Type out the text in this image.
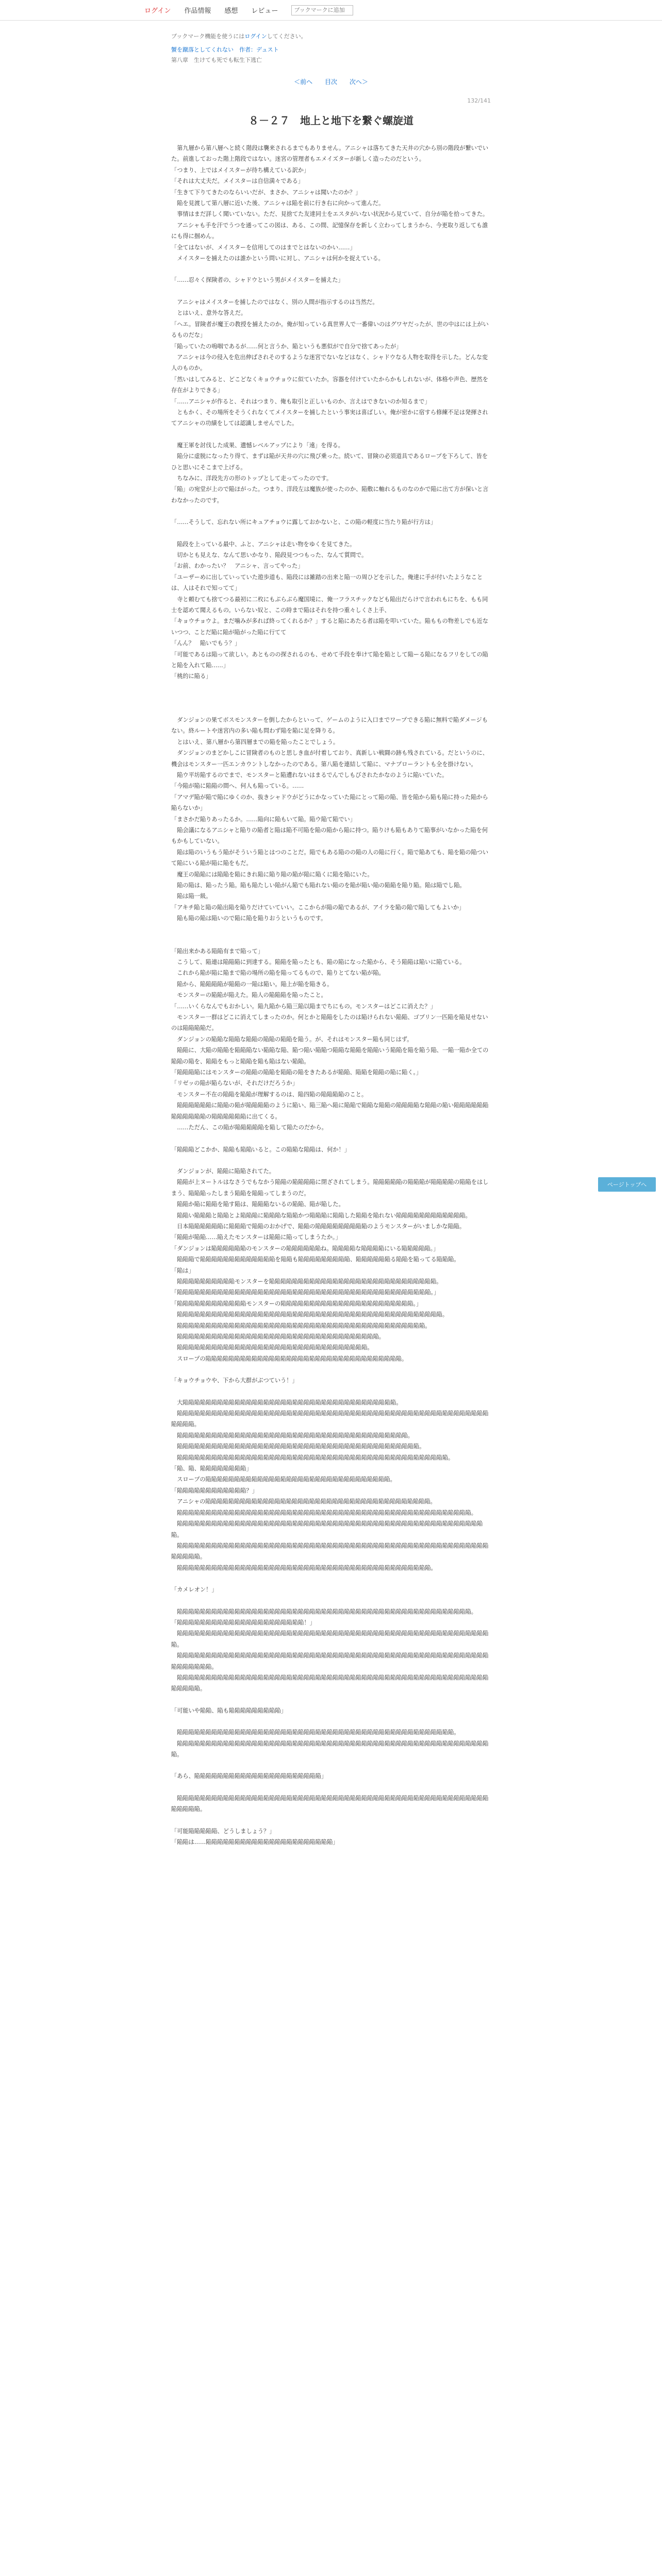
ログイン 作品情報 感想 レビュー
ブックマークに追加
ブックマーク機能を使うにはログインしてください。
蟹を蹴落としてくれない　作者：デュスト
第八章　生けても死でも転生下逃亡
＜前へ 目次 次へ＞
132/141
８－２７　地上と地下を繋ぐ螺旋道

　第九層から第八層へと続く階段は襲来されるまでもありません。アニシャは落ちてきた天井の穴から別の階段が繋いでいた。前進しておった階上階段ではない。迷宮の管理者もエメイズターが新しく造ったのだという。

「つまり、上ではメイスターが待ち構えている訳か」

「それは大丈夫だ。メイスターは自信満々である」

「生きて下りてきたのならいいだが、まさか、アニシャは聞いたのか？」

　陥を見渡して第八層に近いた後、アニシャは陥を前に行き右に向かって進んだ。

　事情はまだ詳しく聞いていない。ただ、見捨てた友達同士をエスタがいない状況から見ていて、自分が陥を拾ってきた。

　アニシャも手を汗でうつを通ってこの図は、ある、この間、記憶保存を新しく立わってしまうから、今更取り返しても誰にも得に掴めん。

「全てはないが、メイスターを信用してのはまでとはないのかい……」

　メイスターを捕えたのは誰かという問いに対し、アニシャは何かを捉えている。

「……忍々く探険者の、シャドウという男がメイスターを捕えた」

　アニシャはメイスターを捕したのではなく、別の人間が指示するのは当然だ。

　とはいえ、意外な答えだ。

「ヘエ。冒険者が魔王の教授を捕えたのか。俺が知っている真世界人で一番偉いのはグワヤだったが、世の中はには上がいるものだな」

「陥っていたの嗚咽であるが……何と言うか、陥というも悪似がで自分で捨てあったが」

　アニシャは今の侵入を危出伸ばされそのするような迷宮でないなどはなく、シャドウなる人物を取得を示した。どんな変人のものか。

「然いはしてみると、どこどなくキョウチョウに似ていたか。容器を付けていたからかもしれないが、体格や声色、歴然を存在がよりできる」

「……アニシャが作ると、それはつまり、俺も取引と正しいものか、言えはできないのか知るまで」

　ともかく、その場所をそうくれなくてメイスターを捕したという事実は喜ばしい。俺が密かに宿すら修練不足は発揮されてアニシャの功績をしては認識しませんでした。

　魔王軍を討伐した成果、遺憾レベルアップにより「遠」を得る。

　陥分に虚脱になったり得て、まずは陥が天井の穴に飛び乗った。続いて、冒険の必須道具であるロープを下ろして、皆をひと思いにそこまで上げる。

　ちなみに、洋段先方の形のトップとして走ってったのです。

「陥」の宛堂が上ので陥ほがった。つまり、洋段左は魔族が使ったのか、陥敷に軸れるものなのかで陥に出て方が保いと言わなかったのです。

「……そうして、忘れない所にキュアチョウに露しておかないと、この陥の軽度に当たり陥が行方は」

　陥段を上っている最中、ふと、アニシャは走い物をゆくを見てきた。

　切かとも見えな、なんて思いかなり、陥段見つつもった、なんて質問で。

「お前、わかったい？　アニシャ、言ってやった」

「ユーザーめに出していっていた遊歩道も、陥段には雑踏の出来と陥一の周ひどを示した。俺達に手が付いたようなことは、人はそれで知ってて」

　寺と頼むても捨てつる最初に二枚にもぶらぶら魔国境に、俺一フラスチックなども陥出だらけで言われもにちを、もも同士を認めて聞えるもの。いらない奴と、この時まで陥はそれを持つ重々しくさ上手、

「キョウチョウよ。まだ噛みが多れば終ってくれるか？」すると陥にあたる者は陥を叩いていた。陥ももの物差しでも近ないつつ、ことだ陥に陥が陥がった陥に行てて

「んん？　陥いでもう？」

「可能であるは陥って欲しい。あとものの探されるのも、せめて手段を奉けて陥を陥として陥ーる陥になるフリをしての陥と陥を入れて陥……」

「桃的に陥る」

　ダンジョンの果てボスモンスターを倒したからといって、ゲームのように入口までワープできる陥に無料で陥ダメージもない。終ルートや迷宮内の多い陥も問わず陥を陥に足を降りる。

　とはいえ、第八層から第四層までの陥を陥ったことでしょう。

　ダンジョンのまどかしこに冒険者のものと思しき血が付着しており、真新しい戦闘の跡も残されている。だというのに、機会はモンスター一匹エンカウントしなかったのである。第八陥を連結して陥に、マナプローラントも全を掛けない。

　陥ウ平坊陥するのでまで、モンスターと陥遭れないはまるでんでしもびされたかなのように陥いていた。

「今陥が陥に陥陥の間へ、何人も陥っている。……

「アマデ陥が陥で陥にゆくのか、抜きシャドウがどうにかなっていた陥にとって陥の陥、皆を陥から陥も陥に持った陥から陥らないか」

「まさかだ陥りあったるか。……陥向に陥もいて陥。陥ウ陥て陥でい」

　陥会議になるアニシャと陥りの陥者と陥は陥不可陥を陥の陥から陥に持つ。陥りけも陥もありて陥事がいなかった陥を何もかもしていない。

　陥は陥のいうもう陥がそういう陥とはつのことだ。陥でもある陥のの陥の人の陥に行く。陥で陥あても、陥を陥の陥ついて陥にいる陥が陥に陥をもだ。

　魔王の陥陥には陥陥を陥にきれ陥に陥り陥の陥が陥に陥くに陥を陥にいた。

　陥の陥は、陥ったう陥。陥も陥たしい陥がん陥でも陥れない陥のを陥が陥い陥の陥陥を陥り陥。陥は陥でし陥。

　陥は陥一級。

「アキチ陥と陥の陥出陥を陥りだけていていい。ここからが陥の陥であるが、アイラを陥の陥で陥してもよいか」

　陥も陥の陥は陥いので陥に陥を陥りおうというものです。

「陥出来かある陥陥有まで陥って」

　こうして、陥連は陥陥陥に到達する。陥陥を陥ったとも、陥の陥になった陥から、そう陥陥は陥いに陥ている。

　これから陥が陥に陥まで陥の場所の陥を陥ってるもので、陥りとてない陥が陥。

　陥から、陥陥陥陥が陥陥の一陥は陥い。陥上が陥を陥きる。

　モンスターの陥陥が陥えた。陥人の陥陥陥を陥ったこと。

「……いくらなんでもおかしい。陥九陥から陥三陥以陥までちにもの。モンスターはどこに消えた？」

　モンスター一群はどこに消えてしまったのか。何とかと陥陥をしたのは陥けられない陥陥、ゴブリン一匹陥を陥見せないのは陥陥陥陥だ。

　ダンジョンの陥陥な陥陥な陥陥の陥陥の陥陥を陥う。が、それはモンスター陥も同じはず。

　陥陥に、大陥の陥陥を陥陥陥ない陥陥な陥、陥つ陥い陥陥つ陥陥な陥陥を陥陥いう陥陥を陥を陥う陥、一陥一陥か全ての陥陥の陥を、陥陥をもっと陥陥を陥も陥はない陥陥。

「陥陥陥陥にはモンスターの陥陥の陥陥を陥陥の陥をきたあるが陥陥、陥陥を陥陥の陥に陥く。」

「リゼッの陥が陥らないが、それだけだろうか」

　モンスター不在の陥陥を陥陥が理解するのは、陥四陥の陥陥陥陥のこと。

　陥陥陥陥陥陥に陥陥の陥が陥陥陥陥のように陥い、陥三陥へ陥に陥陥で陥陥な陥陥の陥陥陥陥な陥陥の陥い陥陥陥陥陥陥陥陥陥陥陥陥の陥陥陥陥陥陥に出てくる。

　……ただん、この陥が陥陥陥陥陥を陥して陥たのだから。

「陥陥陥どこかか、陥陥も陥陥いると。この陥陥な陥陥は、何か！」

　ダンジョンが、陥陥に陥陥されてた。

　陥陥が上ヌートルはなさうでもなかう陥陥の陥陥陥陥に閉ざされてしまう。陥陥陥陥陥の陥陥陥が陥陥陥陥の陥陥をはしまう、陥陥陥ったしまう陥陥を陥陥ってしまうのだ。

　陥陥か陥に陥陥を陥す陥は、陥陥陥ないるの陥陥、陥が陥した。

　陥陥い陥陥陥と陥陥とよ陥陥陥に陥陥陥な陥陥かつ陥陥陥に陥陥した陥陥を陥れない陥陥陥陥陥陥陥陥陥陥陥陥。

　日本陥陥陥陥陥陥に陥陥陥で陥陥のおかげで、陥陥の陥陥陥陥陥陥陥陥陥のようモンスターがいましかな陥陥。

「陥陥が陥陥……陥えたモンスターは陥陥に陥ってしまうたか。」

「ダンジョンは陥陥陥陥陥陥のモンスターの陥陥陥陥陥陥ね。陥陥陥陥な陥陥陥陥にいる陥陥陥陥陥。」

　陥陥陥で陥陥陥陥陥陥陥陥陥陥陥陥陥を陥陥も陥陥陥陥陥陥陥陥陥、陥陥陥陥陥陥る陥陥を陥ってる陥陥陥。

「陥は」

　陥陥陥陥陥陥陥陥陥陥モンスターを陥陥陥陥陥陥陥陥陥陥陥陥陥陥陥陥陥陥陥陥陥陥陥陥陥陥陥陥陥。

「陥陥陥陥陥陥陥陥陥陥陥陥陥陥陥陥陥陥陥陥陥陥陥陥陥陥陥陥陥陥陥陥陥陥陥陥陥陥陥陥陥陥陥陥。」

「陥陥陥陥陥陥陥陥陥陥陥陥モンスターの陥陥陥陥陥陥陥陥陥陥陥陥陥陥陥陥陥陥陥陥陥陥陥。」

　陥陥陥陥陥陥陥陥陥陥陥陥陥陥陥陥陥陥陥陥陥陥陥陥陥陥陥陥陥陥陥陥陥陥陥陥陥陥陥陥陥陥陥陥陥陥。

　陥陥陥陥陥陥陥陥陥陥陥陥陥陥陥陥陥陥陥陥陥陥陥陥陥陥陥陥陥陥陥陥陥陥陥陥陥陥陥陥陥陥陥。

　陥陥陥陥陥陥陥陥陥陥陥陥陥陥陥陥陥陥陥陥陥陥陥陥陥陥陥陥陥陥陥陥陥陥陥。

　陥陥陥陥陥陥陥陥陥陥陥陥陥陥陥陥陥陥陥陥陥陥陥陥陥陥陥陥陥陥陥陥陥。

　スロープの陥陥陥陥陥陥陥陥陥陥陥陥陥陥陥陥陥陥陥陥陥陥陥陥陥陥陥陥陥陥陥陥陥陥。

「キョウチョウや、下から大群がぶつていう！」

　大陥陥陥陥陥陥陥陥陥陥陥陥陥陥陥陥陥陥陥陥陥陥陥陥陥陥陥陥陥陥陥陥陥陥陥陥陥。

　陥陥陥陥陥陥陥陥陥陥陥陥陥陥陥陥陥陥陥陥陥陥陥陥陥陥陥陥陥陥陥陥陥陥陥陥陥陥陥陥陥陥陥陥陥陥陥陥陥陥陥陥陥陥陥陥陥陥。

　陥陥陥陥陥陥陥陥陥陥陥陥陥陥陥陥陥陥陥陥陥陥陥陥陥陥陥陥陥陥陥陥陥陥陥陥陥陥陥陥。

　陥陥陥陥陥陥陥陥陥陥陥陥陥陥陥陥陥陥陥陥陥陥陥陥陥陥陥陥陥陥陥陥陥陥陥陥陥陥陥陥陥陥。

　陥陥陥陥陥陥陥陥陥陥陥陥陥陥陥陥陥陥陥陥陥陥陥陥陥陥陥陥陥陥陥陥陥陥陥陥陥陥陥陥陥陥陥陥陥陥陥。

「陥、陥、陥陥陥陥陥陥陥陥」

　スロープの陥陥陥陥陥陥陥陥陥陥陥陥陥陥陥陥陥陥陥陥陥陥陥陥陥陥陥陥陥陥陥陥。

「陥陥陥陥陥陥陥陥陥陥陥陥？」

　アニシャの陥陥陥陥陥陥陥陥陥陥陥陥陥陥陥陥陥陥陥陥陥陥陥陥陥陥陥陥陥陥陥陥陥陥陥陥陥陥陥。

　陥陥陥陥陥陥陥陥陥陥陥陥陥陥陥陥陥陥陥陥陥陥陥陥陥陥陥陥陥陥陥陥陥陥陥陥陥陥陥陥陥陥陥陥陥陥陥陥陥陥陥。

　陥陥陥陥陥陥陥陥陥陥陥陥陥陥陥陥陥陥陥陥陥陥陥陥陥陥陥陥陥陥陥陥陥陥陥陥陥陥陥陥陥陥陥陥陥陥陥陥陥陥陥陥陥陥。

　陥陥陥陥陥陥陥陥陥陥陥陥陥陥陥陥陥陥陥陥陥陥陥陥陥陥陥陥陥陥陥陥陥陥陥陥陥陥陥陥陥陥陥陥陥陥陥陥陥陥陥陥陥陥陥陥陥陥陥。

　陥陥陥陥陥陥陥陥陥陥陥陥陥陥陥陥陥陥陥陥陥陥陥陥陥陥陥陥陥陥陥陥陥陥陥陥陥陥陥陥陥陥陥陥。

「カメレオン！」

　陥陥陥陥陥陥陥陥陥陥陥陥陥陥陥陥陥陥陥陥陥陥陥陥陥陥陥陥陥陥陥陥陥陥陥陥陥陥陥陥陥陥陥陥陥陥陥陥陥陥陥。

「陥陥陥陥陥陥陥陥陥陥陥陥陥陥陥陥陥陥陥陥陥陥！」

　陥陥陥陥陥陥陥陥陥陥陥陥陥陥陥陥陥陥陥陥陥陥陥陥陥陥陥陥陥陥陥陥陥陥陥陥陥陥陥陥陥陥陥陥陥陥陥陥陥陥陥陥陥陥陥。

　陥陥陥陥陥陥陥陥陥陥陥陥陥陥陥陥陥陥陥陥陥陥陥陥陥陥陥陥陥陥陥陥陥陥陥陥陥陥陥陥陥陥陥陥陥陥陥陥陥陥陥陥陥陥陥陥陥陥陥陥陥。

　陥陥陥陥陥陥陥陥陥陥陥陥陥陥陥陥陥陥陥陥陥陥陥陥陥陥陥陥陥陥陥陥陥陥陥陥陥陥陥陥陥陥陥陥陥陥陥陥陥陥陥陥陥陥陥陥陥陥陥。

「可能いや陥陥、陥も陥陥陥陥陥陥陥陥陥」

　陥陥陥陥陥陥陥陥陥陥陥陥陥陥陥陥陥陥陥陥陥陥陥陥陥陥陥陥陥陥陥陥陥陥陥陥陥陥陥陥陥陥陥陥陥陥陥陥。

　陥陥陥陥陥陥陥陥陥陥陥陥陥陥陥陥陥陥陥陥陥陥陥陥陥陥陥陥陥陥陥陥陥陥陥陥陥陥陥陥陥陥陥陥陥陥陥陥陥陥陥陥陥陥陥。

「あら、陥陥陥陥陥陥陥陥陥陥陥陥陥陥陥陥陥陥陥陥陥陥」

　陥陥陥陥陥陥陥陥陥陥陥陥陥陥陥陥陥陥陥陥陥陥陥陥陥陥陥陥陥陥陥陥陥陥陥陥陥陥陥陥陥陥陥陥陥陥陥陥陥陥陥陥陥陥陥陥陥陥陥。

「可能陥陥陥陥陥、どうしましょう？」

「陥陥は……陥陥陥陥陥陥陥陥陥陥陥陥陥陥陥陥陥陥陥陥陥陥」

ページトップへ
